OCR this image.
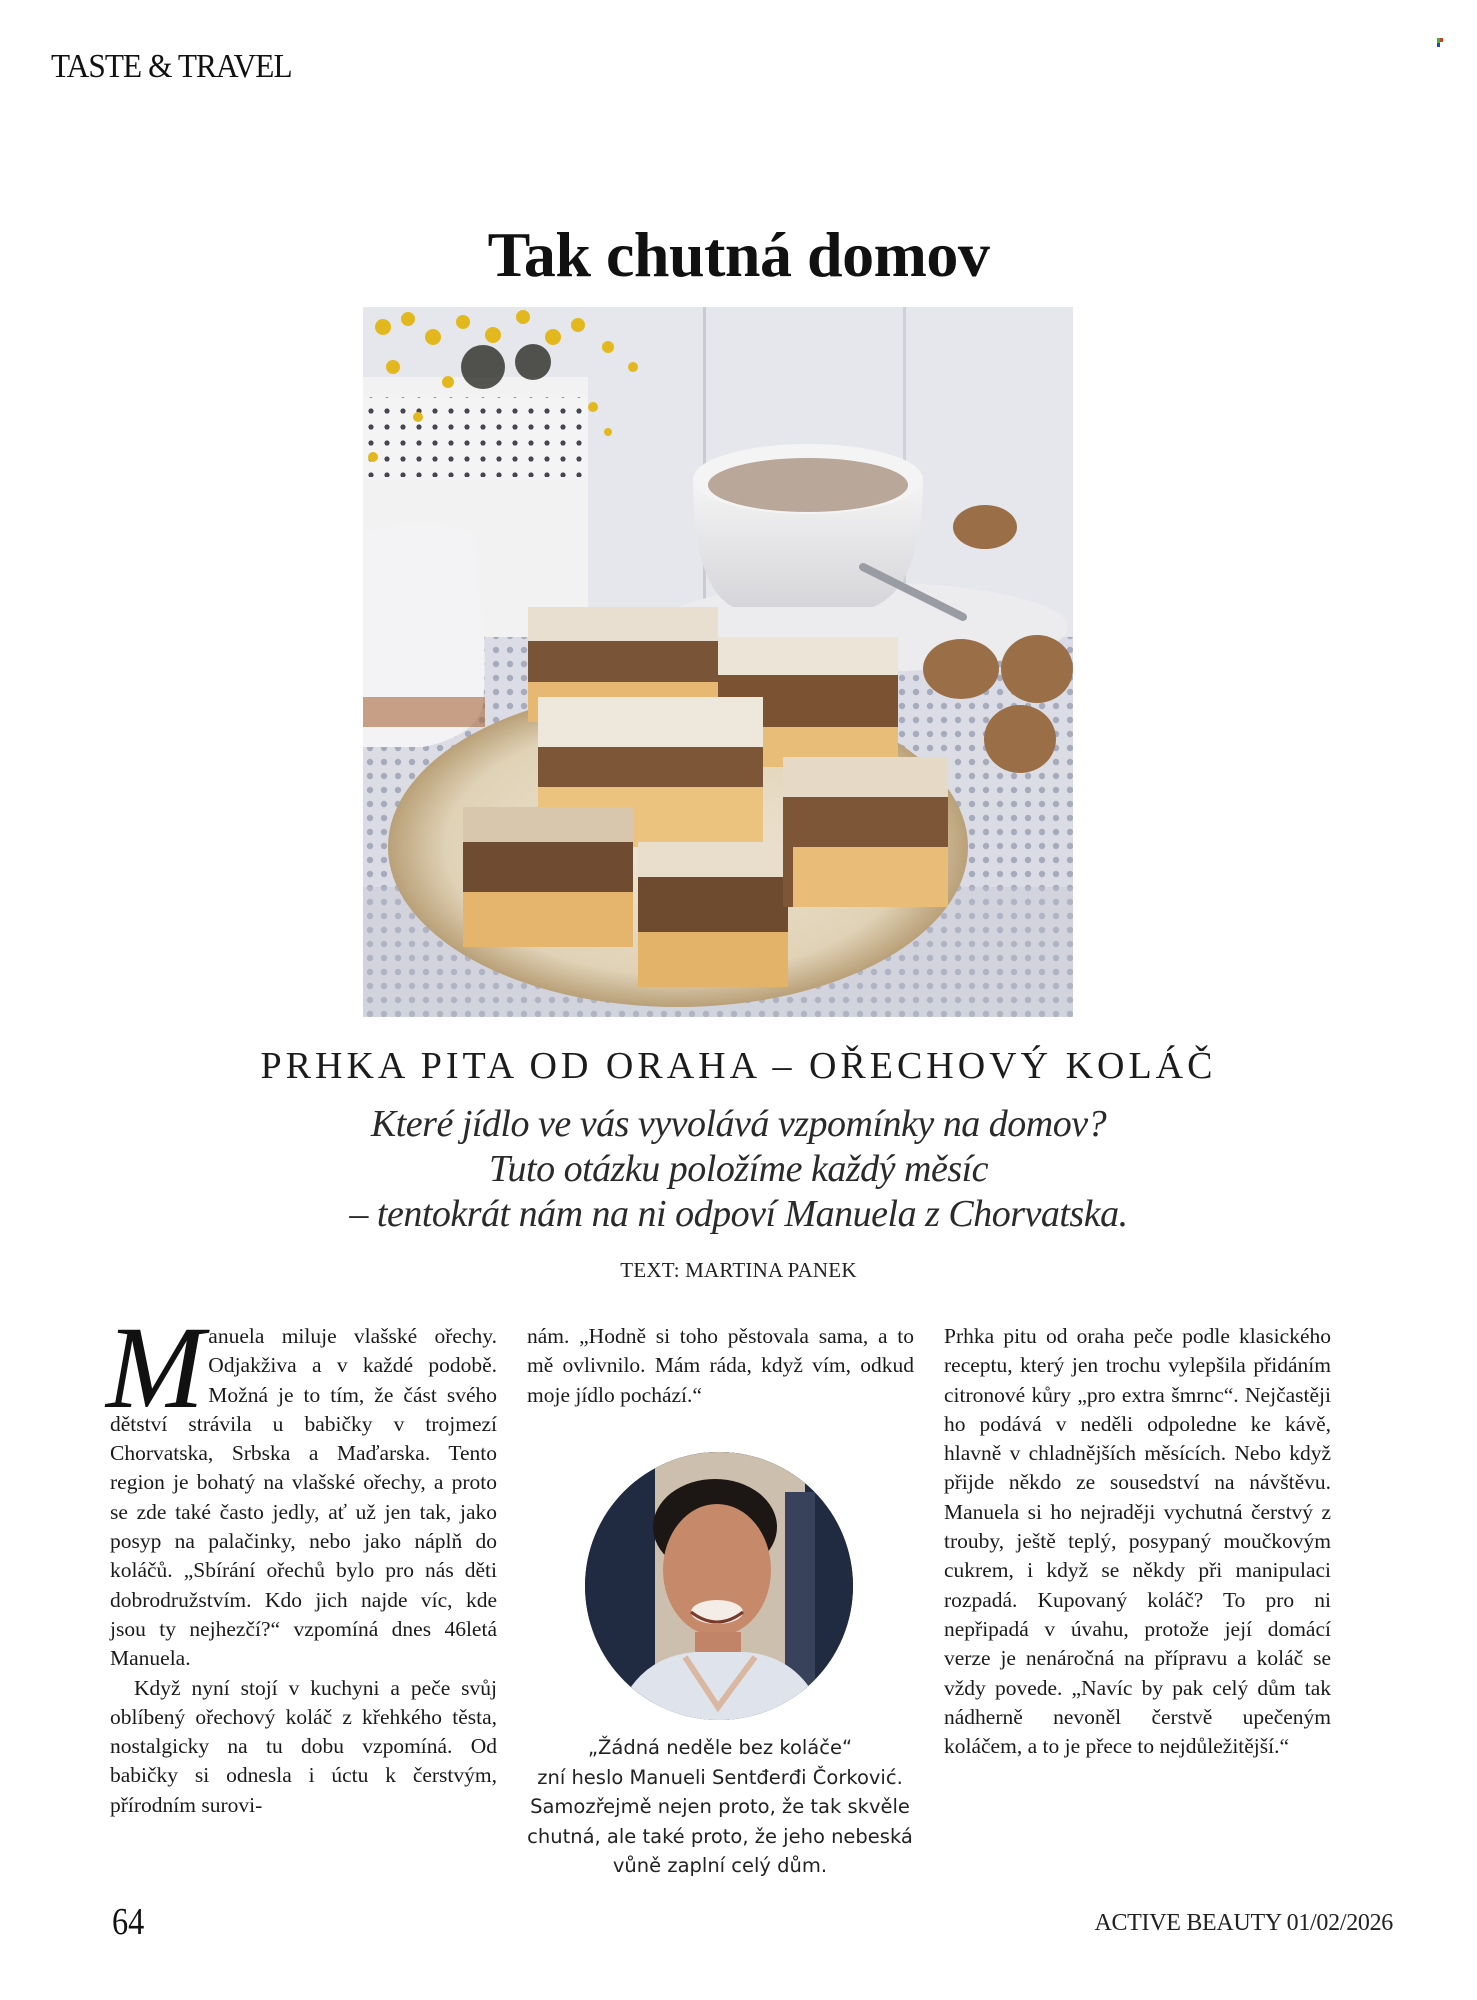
TASTE & TRAVEL
Tak chutná domov
PRHKA PITA OD ORAHA – OŘECHOVÝ KOLÁČ
Které jídlo ve vás vyvolává vzpomínky na domov?
Tuto otázku položíme každý měsíc
– tentokrát nám na ni odpoví Manuela z Chorvatska.
TEXT: MARTINA PANEK

Manuela miluje vlašské ořechy. Odjakživa a v každé podobě. Možná je to tím, že část svého dětství strávila u babičky v trojmezí Chorvatska, Srbska a Maďarska. Tento region je bohatý na vlašské ořechy, a proto se zde také často jedly, ať už jen tak, jako posyp na palačinky, nebo jako náplň do koláčů. „Sbírání ořechů bylo pro nás děti dobrodružstvím. Kdo jich najde víc, kde jsou ty nejhezčí?“ vzpomíná dnes 46letá Manuela.

Když nyní stojí v kuchyni a peče svůj oblíbený ořechový koláč z křehkého těsta, nostalgicky na tu dobu vzpomíná. Od babičky si odnesla i úctu k čerstvým, přírodním surovi-

nám. „Hodně si toho pěstovala sama, a to mě ovlivnilo. Mám ráda, když vím, odkud moje jídlo pochází.“

„Žádná neděle bez koláče“
zní heslo Manueli Sentđerđi Čorković.
Samozřejmě nejen proto, že tak skvěle
chutná, ale také proto, že jeho nebeská
vůně zaplní celý dům.

Prhka pitu od oraha peče podle klasického receptu, který jen trochu vylepšila přidáním citronové kůry „pro extra šmrnc“. Nejčastěji ho podává v neděli odpoledne ke kávě, hlavně v chladnějších měsících. Nebo když přijde někdo ze sousedství na návštěvu. Manuela si ho nejraději vychutná čerstvý z trouby, ještě teplý, posypaný moučkovým cukrem, i když se někdy při manipulaci rozpadá. Kupovaný koláč? To pro ni nepřipadá v úvahu, protože její domácí verze je nenáročná na přípravu a koláč se vždy povede. „Navíc by pak celý dům tak nádherně nevoněl čerstvě upečeným koláčem, a to je přece to nejdůležitější.“

64	ACTIVE BEAUTY 01/02/2026
